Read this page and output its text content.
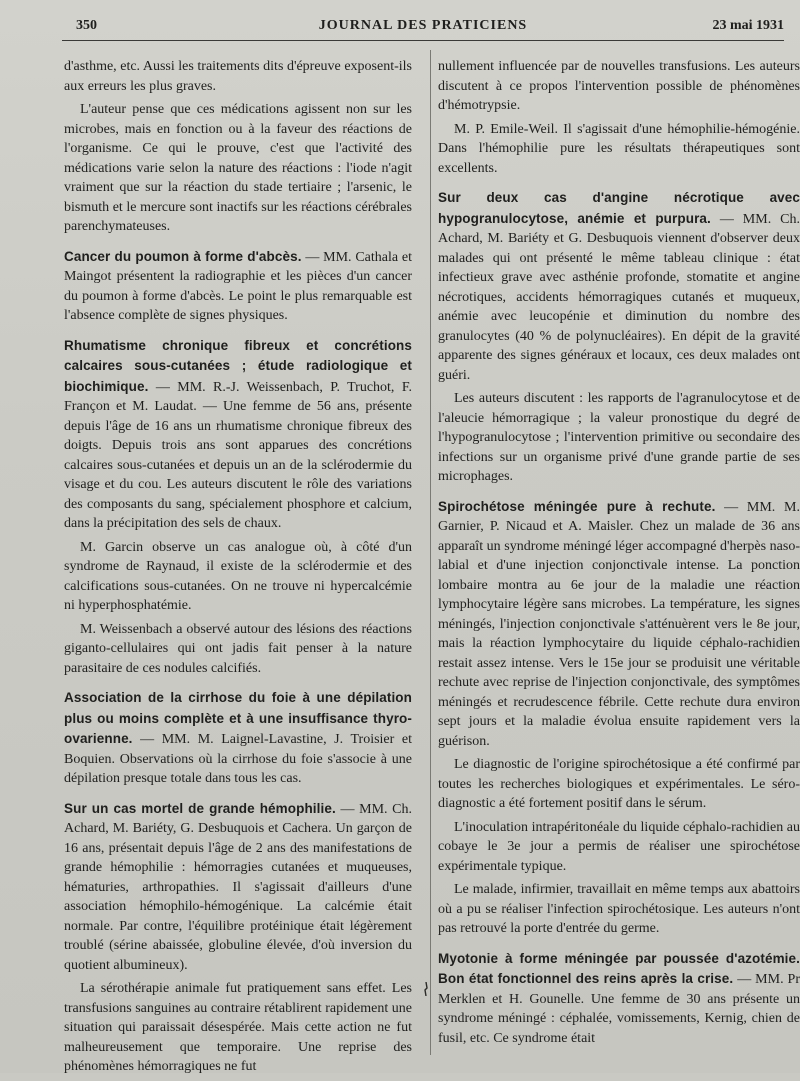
350	JOURNAL DES PRATICIENS	23 mai 1931

d'asthme, etc. Aussi les traitements dits d'épreuve exposent-ils aux erreurs les plus graves.

L'auteur pense que ces médications agissent non sur les microbes, mais en fonction ou à la faveur des réactions de l'organisme. Ce qui le prouve, c'est que l'activité des médications varie selon la nature des réactions : l'iode n'agit vraiment que sur la réaction du stade tertiaire ; l'arsenic, le bismuth et le mercure sont inactifs sur les réactions cérébrales parenchymateuses.

Cancer du poumon à forme d'abcès. — MM. Cathala et Maingot présentent la radiographie et les pièces d'un cancer du poumon à forme d'abcès. Le point le plus remarquable est l'absence complète de signes physiques.

Rhumatisme chronique fibreux et concrétions calcaires sous-cutanées ; étude radiologique et biochimique. — MM. R.-J. Weissenbach, P. Truchot, F. Françon et M. Laudat. — Une femme de 56 ans, présente depuis l'âge de 16 ans un rhumatisme chronique fibreux des doigts. Depuis trois ans sont apparues des concrétions calcaires sous-cutanées et depuis un an de la sclérodermie du visage et du cou. Les auteurs discutent le rôle des variations des composants du sang, spécialement phosphore et calcium, dans la précipitation des sels de chaux.

M. Garcin observe un cas analogue où, à côté d'un syndrome de Raynaud, il existe de la sclérodermie et des calcifications sous-cutanées. On ne trouve ni hypercalcémie ni hyperphosphatémie.

M. Weissenbach a observé autour des lésions des réactions giganto-cellulaires qui ont jadis fait penser à la nature parasitaire de ces nodules calcifiés.

Association de la cirrhose du foie à une dépilation plus ou moins complète et à une insuffisance thyro-ovarienne. — MM. M. Laignel-Lavastine, J. Troisier et Boquien. Observations où la cirrhose du foie s'associe à une dépilation presque totale dans tous les cas.

Sur un cas mortel de grande hémophilie. — MM. Ch. Achard, M. Bariéty, G. Desbuquois et Cachera. Un garçon de 16 ans, présentait depuis l'âge de 2 ans des manifestations de grande hémophilie : hémorragies cutanées et muqueuses, hématuries, arthropathies. Il s'agissait d'ailleurs d'une association hémophilo-hémogénique. La calcémie était normale. Par contre, l'équilibre protéinique était légèrement troublé (sérine abaissée, globuline élevée, d'où inversion du quotient albumineux).

La sérothérapie animale fut pratiquement sans effet. Les transfusions sanguines au contraire rétablirent rapidement une situation qui paraissait désespérée. Mais cette action ne fut malheureusement que temporaire. Une reprise des phénomènes hémorragiques ne fut

nullement influencée par de nouvelles transfusions. Les auteurs discutent à ce propos l'intervention possible de phénomènes d'hémotrypsie.

M. P. Emile-Weil. Il s'agissait d'une hémophilie-hémogénie. Dans l'hémophilie pure les résultats thérapeutiques sont excellents.

Sur deux cas d'angine nécrotique avec hypogranulocytose, anémie et purpura. — MM. Ch. Achard, M. Bariéty et G. Desbuquois viennent d'observer deux malades qui ont présenté le même tableau clinique : état infectieux grave avec asthénie profonde, stomatite et angine nécrotiques, accidents hémorragiques cutanés et muqueux, anémie avec leucopénie et diminution du nombre des granulocytes (40 % de polynucléaires). En dépit de la gravité apparente des signes généraux et locaux, ces deux malades ont guéri.

Les auteurs discutent : les rapports de l'agranulocytose et de l'aleucie hémorragique ; la valeur pronostique du degré de l'hypogranulocytose ; l'intervention primitive ou secondaire des infections sur un organisme privé d'une grande partie de ses microphages.

Spirochétose méningée pure à rechute. — MM. M. Garnier, P. Nicaud et A. Maisler. Chez un malade de 36 ans apparaît un syndrome méningé léger accompagné d'herpès naso-labial et d'une injection conjonctivale intense. La ponction lombaire montra au 6e jour de la maladie une réaction lymphocytaire légère sans microbes. La température, les signes méningés, l'injection conjonctivale s'atténuèrent vers le 8e jour, mais la réaction lymphocytaire du liquide céphalo-rachidien restait assez intense. Vers le 15e jour se produisit une véritable rechute avec reprise de l'injection conjonctivale, des symptômes méningés et recrudescence fébrile. Cette rechute dura environ sept jours et la maladie évolua ensuite rapidement vers la guérison.

Le diagnostic de l'origine spirochétosique a été confirmé par toutes les recherches biologiques et expérimentales. Le séro-diagnostic a été fortement positif dans le sérum.

L'inoculation intrapéritonéale du liquide céphalo-rachidien au cobaye le 3e jour a permis de réaliser une spirochétose expérimentale typique.

Le malade, infirmier, travaillait en même temps aux abattoirs où a pu se réaliser l'infection spirochétosique. Les auteurs n'ont pas retrouvé la porte d'entrée du germe.

Myotonie à forme méningée par poussée d'azotémie. Bon état fonctionnel des reins après la crise. — MM. Pr Merklen et H. Gounelle. Une femme de 30 ans présente un syndrome méningé : céphalée, vomissements, Kernig, chien de fusil, etc. Ce syndrome était
